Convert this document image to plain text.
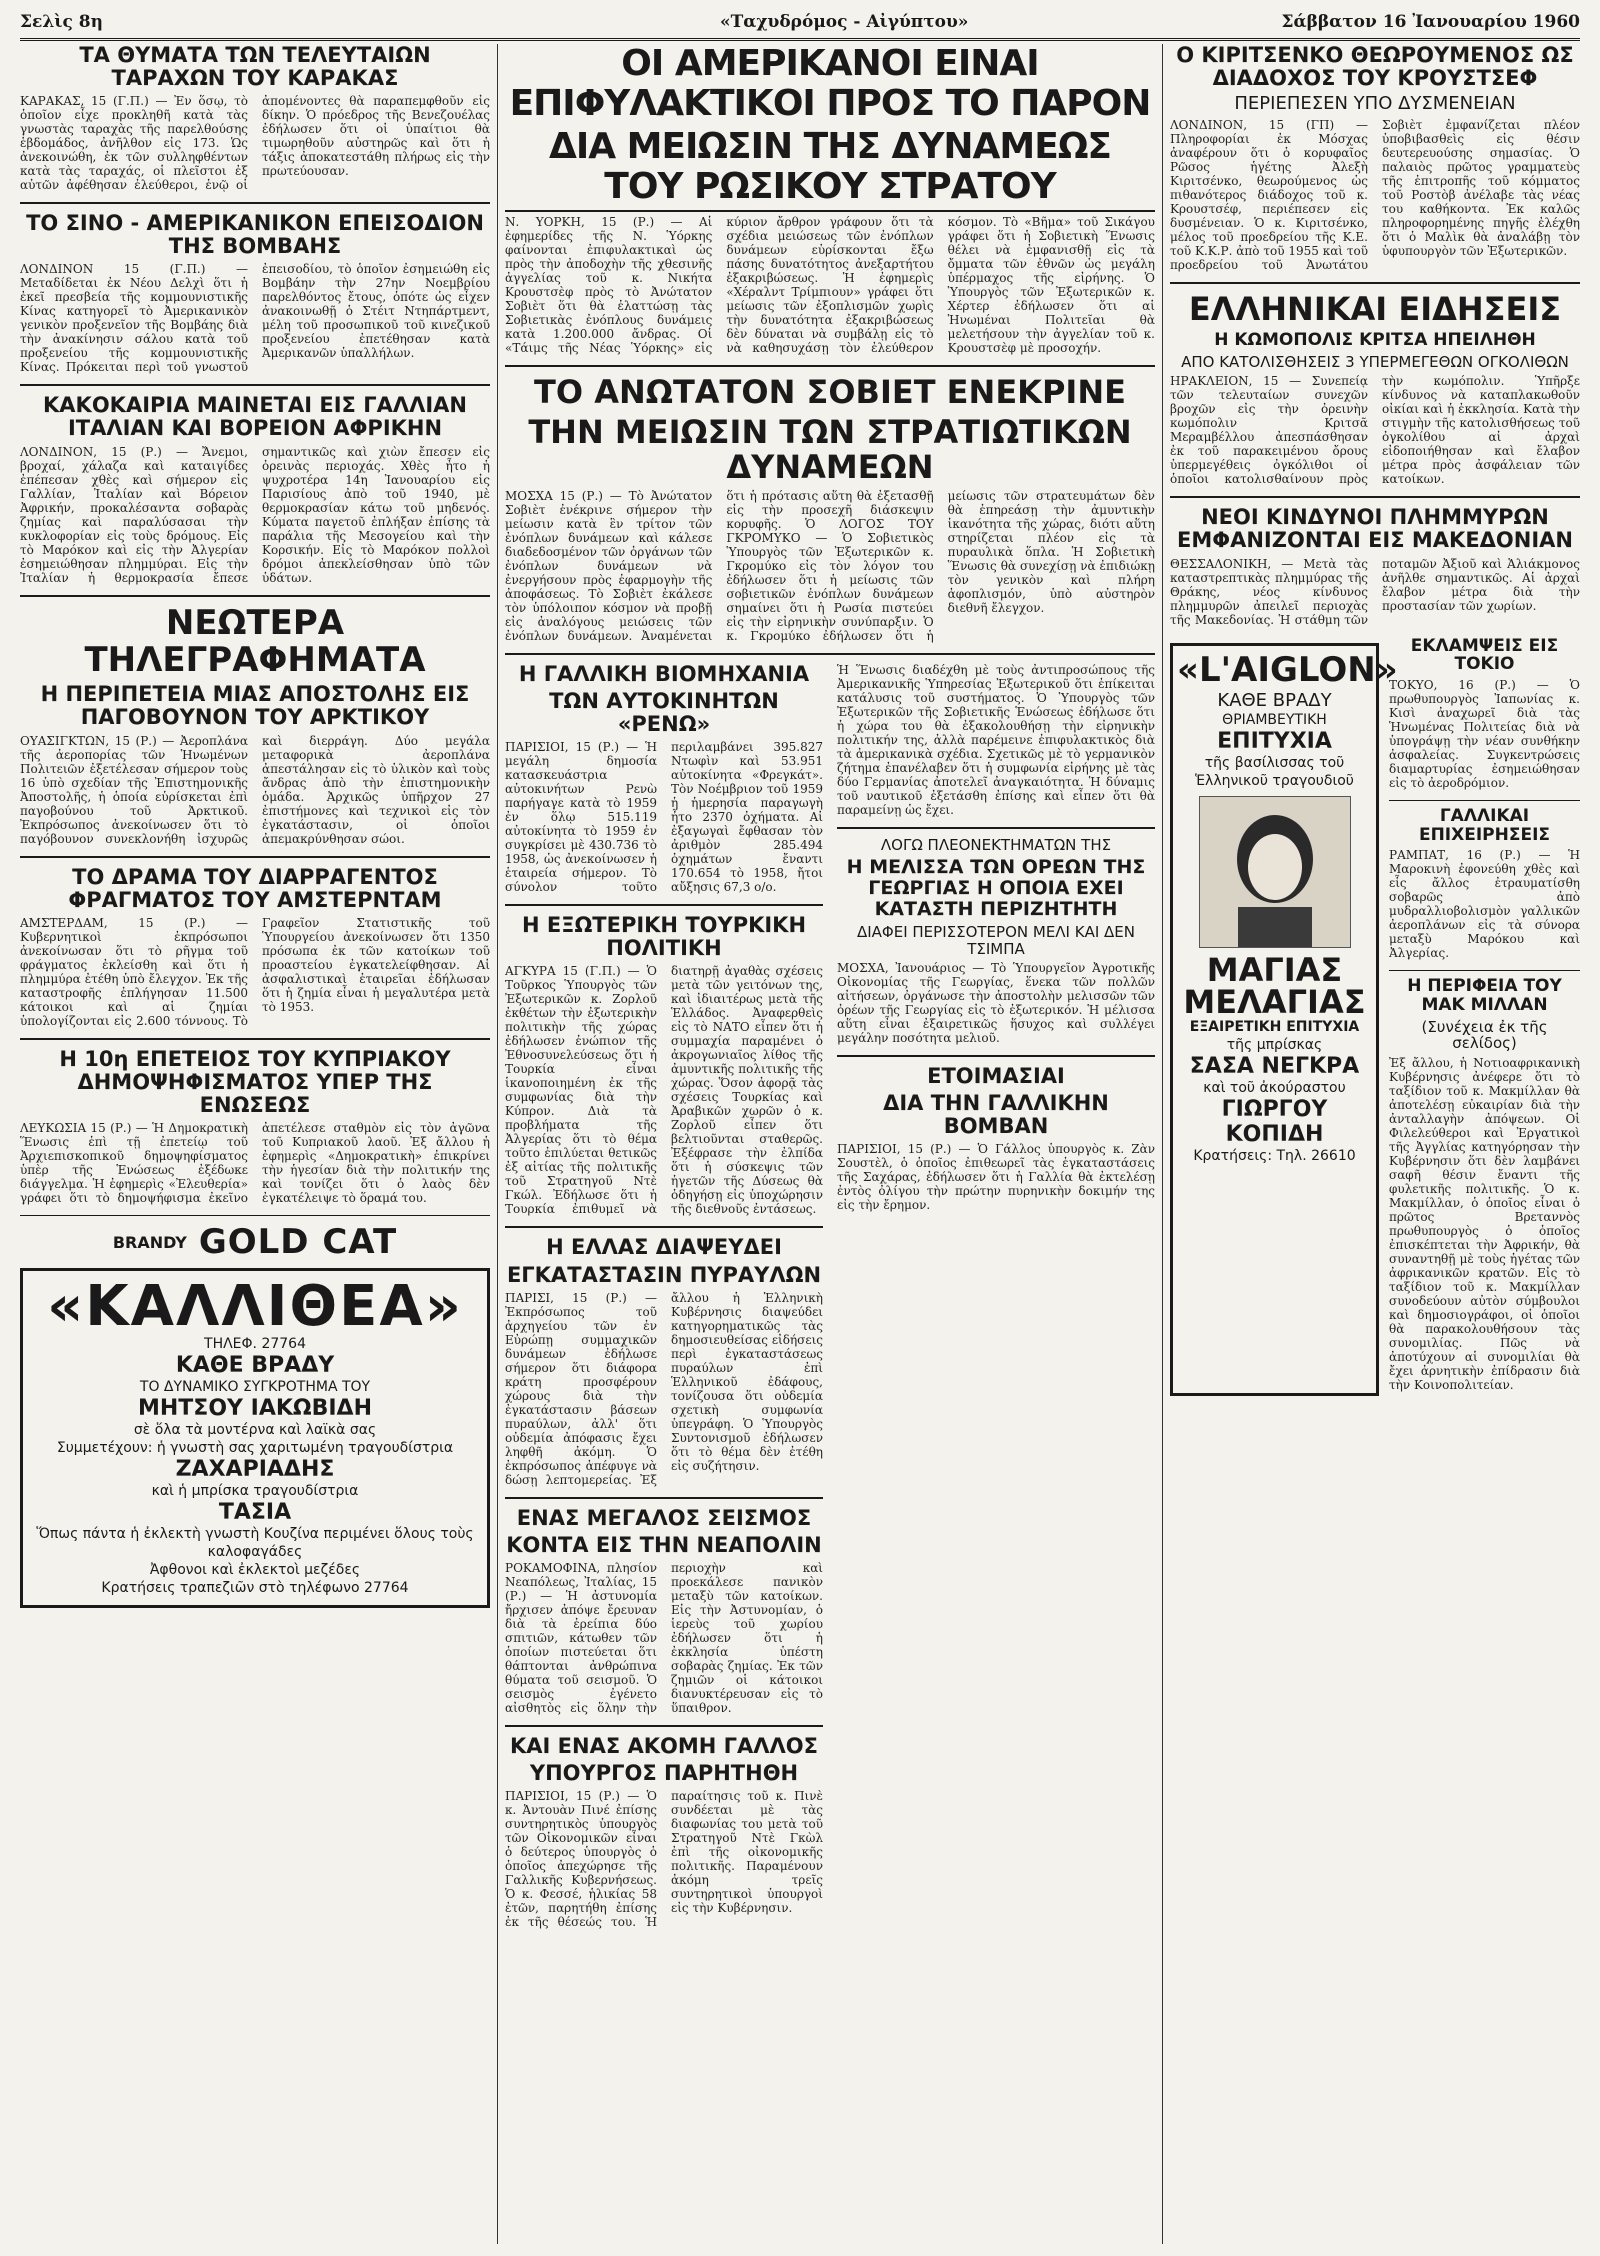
Σελὶς 8η	«Ταχυδρόμος - Αἰγύπτου»	Σάββατον 16 Ἰανουαρίου 1960
ΤΑ ΘΥΜΑΤΑ ΤΩΝ ΤΕΛΕΥΤΑΙΩΝ ΤΑΡΑΧΩΝ ΤΟΥ ΚΑΡΑΚΑΣ
ΚΑΡΑΚΑΣ, 15 (Γ.Π.) — Ἐν ὅσῳ, τὸ ὁποῖον εἶχε προκληθῆ κατὰ τὰς γνωστὰς ταραχὰς τῆς παρελθούσης ἑβδομάδος, ἀνῆλθον εἰς 173. Ὡς ἀνεκοινώθη, ἐκ τῶν συλληφθέντων κατὰ τὰς ταραχάς, οἱ πλεῖστοι ἐξ αὐτῶν ἀφέθησαν ἐλεύθεροι, ἐνῷ οἱ ἀπομένοντες θὰ παραπεμφθοῦν εἰς δίκην. Ὁ πρόεδρος τῆς Βενεζουέλας ἐδήλωσεν ὅτι οἱ ὑπαίτιοι θὰ τιμωρηθοῦν αὐστηρῶς καὶ ὅτι ἡ τάξις ἀποκατεστάθη πλήρως εἰς τὴν πρωτεύουσαν.
ΤΟ ΣΙΝΟ - ΑΜΕΡΙΚΑΝΙΚΟΝ ΕΠΕΙΣΟΔΙΟΝ ΤΗΣ ΒΟΜΒΑΗΣ
ΛΟΝΔΙΝΟΝ 15 (Γ.Π.) — Μεταδίδεται ἐκ Νέου Δελχὶ ὅτι ἡ ἐκεῖ πρεσβεία τῆς κομμουνιστικῆς Κίνας κατηγορεῖ τὸ Ἀμερικανικὸν γενικὸν προξενεῖον τῆς Βομβάης διὰ τὴν ἀνακίνησιν σάλου κατὰ τοῦ προξενείου τῆς κομμουνιστικῆς Κίνας. Πρόκειται περὶ τοῦ γνωστοῦ ἐπεισοδίου, τὸ ὁποῖον ἐσημειώθη εἰς Βομβάην τὴν 27ην Νοεμβρίου παρελθόντος ἔτους, ὁπότε ὡς εἶχεν ἀνακοινωθῇ ὁ Στέιτ Ντηπάρτμεντ, μέλη τοῦ προσωπικοῦ τοῦ κινεζικοῦ προξενείου ἐπετέθησαν κατὰ Ἀμερικανῶν ὑπαλλήλων.
ΚΑΚΟΚΑΙΡΙΑ ΜΑΙΝΕΤΑΙ ΕΙΣ ΓΑΛΛΙΑΝ ΙΤΑΛΙΑΝ ΚΑΙ ΒΟΡΕΙΟΝ ΑΦΡΙΚΗΝ
ΛΟΝΔΙΝΟΝ, 15 (Ρ.) — Ἄνεμοι, βροχαί, χάλαζα καὶ καταιγίδες ἐπέπεσαν χθὲς καὶ σήμερον εἰς Γαλλίαν, Ἰταλίαν καὶ Βόρειον Ἀφρικήν, προκαλέσαντα σοβαρὰς ζημίας καὶ παραλύσασαι τὴν κυκλοφορίαν εἰς τοὺς δρόμους. Εἰς τὸ Μαρόκον καὶ εἰς τὴν Ἀλγερίαν ἐσημειώθησαν πλημμύραι. Εἰς τὴν Ἰταλίαν ἡ θερμοκρασία ἔπεσε σημαντικῶς καὶ χιὼν ἔπεσεν εἰς ὀρεινὰς περιοχάς. Χθὲς ἦτο ἡ ψυχροτέρα 14η Ἰανουαρίου εἰς Παρισίους ἀπὸ τοῦ 1940, μὲ θερμοκρασίαν κάτω τοῦ μηδενός. Κύματα παγετοῦ ἐπλήξαν ἐπίσης τὰ παράλια τῆς Μεσογείου καὶ τὴν Κορσικήν. Εἰς τὸ Μαρόκον πολλοὶ δρόμοι ἀπεκλείσθησαν ὑπὸ τῶν ὑδάτων.
ΝΕΩΤΕΡΑ ΤΗΛΕΓΡΑΦΗΜΑΤΑ
Η ΠΕΡΙΠΕΤΕΙΑ ΜΙΑΣ ΑΠΟΣΤΟΛΗΣ ΕΙΣ ΠΑΓΟΒΟΥΝΟΝ ΤΟΥ ΑΡΚΤΙΚΟΥ
ΟΥΑΣΙΓΚΤΩΝ, 15 (Ρ.) — Ἀεροπλάνα τῆς ἀεροπορίας τῶν Ἡνωμένων Πολιτειῶν ἐξετέλεσαν σήμερον τοὺς 16 ὑπὸ σχεδίαν τῆς Ἐπιστημονικῆς Ἀποστολῆς, ἡ ὁποία εὑρίσκεται ἐπὶ παγοβούνου τοῦ Ἀρκτικοῦ. Ἐκπρόσωπος ἀνεκοίνωσεν ὅτι τὸ παγόβουνον συνεκλονήθη ἰσχυρῶς καὶ διερράγη. Δύο μεγάλα μεταφορικὰ ἀεροπλάνα ἀπεστάλησαν εἰς τὸ ὑλικὸν καὶ τοὺς ἄνδρας ἀπὸ τὴν ἐπιστημονικὴν ὁμάδα. Ἀρχικῶς ὑπῆρχον 27 ἐπιστήμονες καὶ τεχνικοὶ εἰς τὸν ἐγκατάστασιν, οἱ ὁποῖοι ἀπεμακρύνθησαν σώοι.
ΤΟ ΔΡΑΜΑ ΤΟΥ ΔΙΑΡΡΑΓΕΝΤΟΣ ΦΡΑΓΜΑΤΟΣ ΤΟΥ ΑΜΣΤΕΡΝΤΑΜ
ΑΜΣΤΕΡΔΑΜ, 15 (Ρ.) — Κυβερνητικοὶ ἐκπρόσωποι ἀνεκοίνωσαν ὅτι τὸ ρῆγμα τοῦ φράγματος ἐκλείσθη καὶ ὅτι ἡ πλημμύρα ἐτέθη ὑπὸ ἔλεγχον. Ἐκ τῆς καταστροφῆς ἐπλήγησαν 11.500 κάτοικοι καὶ αἱ ζημίαι ὑπολογίζονται εἰς 2.600 τόννους. Τὸ Γραφεῖον Στατιστικῆς τοῦ Ὑπουργείου ἀνεκοίνωσεν ὅτι 1350 πρόσωπα ἐκ τῶν κατοίκων τοῦ προαστείου ἐγκατελείφθησαν. Αἱ ἀσφαλιστικαὶ ἑταιρεῖαι ἐδήλωσαν ὅτι ἡ ζημία εἶναι ἡ μεγαλυτέρα μετὰ τὸ 1953.
Η 10η ΕΠΕΤΕΙΟΣ ΤΟΥ ΚΥΠΡΙΑΚΟΥ ΔΗΜΟΨΗΦΙΣΜΑΤΟΣ ΥΠΕΡ ΤΗΣ ΕΝΩΣΕΩΣ
ΛΕΥΚΩΣΙΑ 15 (Ρ.) — Ἡ Δημοκρατικὴ Ἕνωσις ἐπὶ τῇ ἐπετείῳ τοῦ Ἀρχιεπισκοπικοῦ δημοψηφίσματος ὑπὲρ τῆς Ἑνώσεως ἐξέδωκε διάγγελμα. Ἡ ἐφημερὶς «Ἐλευθερία» γράφει ὅτι τὸ δημοψήφισμα ἐκεῖνο ἀπετέλεσε σταθμὸν εἰς τὸν ἀγῶνα τοῦ Κυπριακοῦ λαοῦ. Ἐξ ἄλλου ἡ ἐφημερὶς «Δημοκρατικὴ» ἐπικρίνει τὴν ἡγεσίαν διὰ τὴν πολιτικήν της καὶ τονίζει ὅτι ὁ λαὸς δὲν ἐγκατέλειψε τὸ ὅραμά του.
BRANDY GOLD CAT
«ΚΑΛΛΙΘΕΑ»
ΤΗΛΕΦ. 27764
ΚΑΘΕ ΒΡΑΔΥ
ΤΟ ΔΥΝΑΜΙΚΟ ΣΥΓΚΡΟΤΗΜΑ ΤΟΥ
ΜΗΤΣΟΥ ΙΑΚΩΒΙΔΗ
σὲ ὅλα τὰ μοντέρνα καὶ λαϊκὰ σας
Συμμετέχουν: ἡ γνωστὴ σας χαριτωμένη τραγουδίστρια
ΖΑΧΑΡΙΑΔΗΣ
καὶ ἡ μπρίσκα τραγουδίστρια
ΤΑΣΙΑ
Ὅπως πάντα ἡ ἐκλεκτὴ γνωστὴ Κουζίνα περιμένει ὅλους τοὺς καλοφαγάδες
Ἀφθονοι καὶ ἐκλεκτοὶ μεζέδες
Κρατήσεις τραπεζιῶν στὸ τηλέφωνο 27764
ΟΙ ΑΜΕΡΙΚΑΝΟΙ ΕΙΝΑΙ ΕΠΙΦΥΛΑΚΤΙΚΟΙ ΠΡΟΣ ΤΟ ΠΑΡΟΝ
ΔΙΑ ΜΕΙΩΣΙΝ ΤΗΣ ΔΥΝΑΜΕΩΣ ΤΟΥ ΡΩΣΙΚΟΥ ΣΤΡΑΤΟΥ
Ν. ΥΟΡΚΗ, 15 (Ρ.) — Αἱ ἐφημερίδες τῆς Ν. Ὑόρκης φαίνονται ἐπιφυλακτικαὶ ὡς πρὸς τὴν ἀποδοχὴν τῆς χθεσινῆς ἀγγελίας τοῦ κ. Νικήτα Κρουστσὲφ πρὸς τὸ Ἀνώτατον Σοβιὲτ ὅτι θὰ ἐλαττώσῃ τὰς Σοβιετικὰς ἐνόπλους δυνάμεις κατὰ 1.200.000 ἄνδρας. Οἱ «Τάιμς τῆς Νέας Ὑόρκης» εἰς κύριον ἄρθρον γράφουν ὅτι τὰ σχέδια μειώσεως τῶν ἐνόπλων δυνάμεων εὑρίσκονται ἔξω πάσης δυνατότητος ἀνεξαρτήτου ἐξακριβώσεως. Ἡ ἐφημερὶς «Χέραλντ Τρίμπιουν» γράφει ὅτι μείωσις τῶν ἐξοπλισμῶν χωρὶς τὴν δυνατότητα ἐξακριβώσεως δὲν δύναται νὰ συμβάλῃ εἰς τὸ νὰ καθησυχάσῃ τὸν ἐλεύθερον κόσμον. Τὸ «Βῆμα» τοῦ Σικάγου γράφει ὅτι ἡ Σοβιετικὴ Ἕνωσις θέλει νὰ ἐμφανισθῇ εἰς τὰ ὄμματα τῶν ἐθνῶν ὡς μεγάλη ὑπέρμαχος τῆς εἰρήνης. Ὁ Ὑπουργὸς τῶν Ἐξωτερικῶν κ. Χέρτερ ἐδήλωσεν ὅτι αἱ Ἡνωμέναι Πολιτεῖαι θὰ μελετήσουν τὴν ἀγγελίαν τοῦ κ. Κρουστσὲφ μὲ προσοχήν.
ΤΟ ΑΝΩΤΑΤΟΝ ΣΟΒΙΕΤ ΕΝΕΚΡΙΝΕ
ΤΗΝ ΜΕΙΩΣΙΝ ΤΩΝ ΣΤΡΑΤΙΩΤΙΚΩΝ ΔΥΝΑΜΕΩΝ
ΜΟΣΧΑ 15 (Ρ.) — Τὸ Ἀνώτατον Σοβιὲτ ἐνέκρινε σήμερον τὴν μείωσιν κατὰ ἓν τρίτον τῶν ἐνόπλων δυνάμεων καὶ κάλεσε διαδεδοσμένον τῶν ὀργάνων τῶν ἐνόπλων δυνάμεων νὰ ἐνεργήσουν πρὸς ἐφαρμογὴν τῆς ἀποφάσεως. Τὸ Σοβιὲτ ἐκάλεσε τὸν ὑπόλοιπον κόσμον νὰ προβῇ εἰς ἀναλόγους μειώσεις τῶν ἐνόπλων δυνάμεων. Ἀναμένεται ὅτι ἡ πρότασις αὕτη θὰ ἐξετασθῇ εἰς τὴν προσεχῆ διάσκεψιν κορυφῆς. Ὁ ΛΟΓΟΣ ΤΟΥ ΓΚΡΟΜΥΚΟ — Ὁ Σοβιετικὸς Ὑπουργὸς τῶν Ἐξωτερικῶν κ. Γκρομύκο εἰς τὸν λόγον του ἐδήλωσεν ὅτι ἡ μείωσις τῶν σοβιετικῶν ἐνόπλων δυνάμεων σημαίνει ὅτι ἡ Ρωσία πιστεύει εἰς τὴν εἰρηνικὴν συνύπαρξιν. Ὁ κ. Γκρομύκο ἐδήλωσεν ὅτι ἡ μείωσις τῶν στρατευμάτων δὲν θὰ ἐπηρεάσῃ τὴν ἀμυντικὴν ἱκανότητα τῆς χώρας, διότι αὕτη στηρίζεται πλέον εἰς τὰ πυραυλικὰ ὅπλα. Ἡ Σοβιετικὴ Ἕνωσις θὰ συνεχίσῃ νὰ ἐπιδιώκῃ τὸν γενικὸν καὶ πλήρη ἀφοπλισμόν, ὑπὸ αὐστηρὸν διεθνῆ ἔλεγχον.
Η ΓΑΛΛΙΚΗ ΒΙΟΜΗΧΑΝΙΑ
ΤΩΝ ΑΥΤΟΚΙΝΗΤΩΝ «ΡΕΝΩ»
ΠΑΡΙΣΙΟΙ, 15 (Ρ.) — Ἡ μεγάλη δημοσία κατασκευάστρια αὐτοκινήτων Ρενὼ παρήγαγε κατὰ τὸ 1959 ἐν ὅλῳ 515.119 αὐτοκίνητα τὸ 1959 ἐν συγκρίσει μὲ 430.736 τὸ 1958, ὡς ἀνεκοίνωσεν ἡ ἑταιρεία σήμερον. Τὸ σύνολον τοῦτο περιλαμβάνει 395.827 Ντωφὶν καὶ 53.951 αὐτοκίνητα «Φρεγκάτ». Τὸν Νοέμβριον τοῦ 1959 ἡ ἡμερησία παραγωγὴ ἦτο 2370 ὀχήματα. Αἱ ἐξαγωγαὶ ἔφθασαν τὸν ἀριθμὸν 285.494 ὀχημάτων ἔναντι 170.654 τὸ 1958, ἤτοι αὔξησις 67,3 ο/ο.
Η ΕΞΩΤΕΡΙΚΗ ΤΟΥΡΚΙΚΗ ΠΟΛΙΤΙΚΗ
ΑΓΚΥΡΑ 15 (Γ.Π.) — Ὁ Τοῦρκος Ὑπουργὸς τῶν Ἐξωτερικῶν κ. Ζορλοῦ ἐκθέτων τὴν ἐξωτερικὴν πολιτικὴν τῆς χώρας ἐδήλωσεν ἐνώπιον τῆς Ἐθνοσυνελεύσεως ὅτι ἡ Τουρκία εἶναι ἱκανοποιημένη ἐκ τῆς συμφωνίας διὰ τὴν Κύπρον. Διὰ τὰ προβλήματα τῆς Ἀλγερίας ὅτι τὸ θέμα τοῦτο ἐπιλύεται θετικῶς ἐξ αἰτίας τῆς πολιτικῆς τοῦ Στρατηγοῦ Ντὲ Γκώλ. Ἐδήλωσε ὅτι ἡ Τουρκία ἐπιθυμεῖ νὰ διατηρῇ ἀγαθὰς σχέσεις μετὰ τῶν γειτόνων της, καὶ ἰδιαιτέρως μετὰ τῆς Ἑλλάδος. Ἀναφερθεὶς εἰς τὸ ΝΑΤΟ εἶπεν ὅτι ἡ συμμαχία παραμένει ὁ ἀκρογωνιαῖος λίθος τῆς ἀμυντικῆς πολιτικῆς τῆς χώρας. Ὅσον ἀφορᾷ τὰς σχέσεις Τουρκίας καὶ Ἀραβικῶν χωρῶν ὁ κ. Ζορλοῦ εἶπεν ὅτι βελτιοῦνται σταθερῶς. Ἐξέφρασε τὴν ἐλπίδα ὅτι ἡ σύσκεψις τῶν ἡγετῶν τῆς Δύσεως θὰ ὁδηγήσῃ εἰς ὑποχώρησιν τῆς διεθνοῦς ἐντάσεως.
Η ΕΛΛΑΣ ΔΙΑΨΕΥΔΕΙ
ΕΓΚΑΤΑΣΤΑΣΙΝ ΠΥΡΑΥΛΩΝ
ΠΑΡΙΣΙ, 15 (Ρ.) — Ἐκπρόσωπος τοῦ ἀρχηγείου τῶν ἐν Εὐρώπῃ συμμαχικῶν δυνάμεων ἐδήλωσε σήμερον ὅτι διάφορα κράτη προσφέρουν χώρους διὰ τὴν ἐγκατάστασιν βάσεων πυραύλων, ἀλλ' ὅτι οὐδεμία ἀπόφασις ἔχει ληφθῆ ἀκόμη. Ὁ ἐκπρόσωπος ἀπέφυγε νὰ δώσῃ λεπτομερείας. Ἐξ ἄλλου ἡ Ἑλληνικὴ Κυβέρνησις διαψεύδει κατηγορηματικῶς τὰς δημοσιευθείσας εἰδήσεις περὶ ἐγκαταστάσεως πυραύλων ἐπὶ Ἑλληνικοῦ ἐδάφους, τονίζουσα ὅτι οὐδεμία σχετικὴ συμφωνία ὑπεγράφη. Ὁ Ὑπουργὸς Συντονισμοῦ ἐδήλωσεν ὅτι τὸ θέμα δὲν ἐτέθη εἰς συζήτησιν.
ΕΝΑΣ ΜΕΓΑΛΟΣ ΣΕΙΣΜΟΣ
ΚΟΝΤΑ ΕΙΣ ΤΗΝ ΝΕΑΠΟΛΙΝ
ΡΟΚΑΜΟΦΙΝΑ, πλησίον Νεαπόλεως, Ἰταλίας, 15 (Ρ.) — Ἡ ἀστυνομία ἤρχισεν ἀπόψε ἔρευναν διὰ τὰ ἐρείπια δύο σπιτιῶν, κάτωθεν τῶν ὁποίων πιστεύεται ὅτι θάπτονται ἀνθρώπινα θύματα τοῦ σεισμοῦ. Ὁ σεισμὸς ἐγένετο αἰσθητὸς εἰς ὅλην τὴν περιοχὴν καὶ προεκάλεσε πανικὸν μεταξὺ τῶν κατοίκων. Εἰς τὴν Ἀστυνομίαν, ὁ ἱερεὺς τοῦ χωρίου ἐδήλωσεν ὅτι ἡ ἐκκλησία ὑπέστη σοβαρὰς ζημίας. Ἐκ τῶν ζημιῶν οἱ κάτοικοι διανυκτέρευσαν εἰς τὸ ὕπαιθρον.
ΚΑΙ ΕΝΑΣ ΑΚΟΜΗ ΓΑΛΛΟΣ
ΥΠΟΥΡΓΟΣ ΠΑΡΗΤΗΘΗ
ΠΑΡΙΣΙΟΙ, 15 (Ρ.) — Ὁ κ. Ἀντουὰν Πινέ ἐπίσης συντηρητικὸς ὑπουργὸς τῶν Οἰκονομικῶν εἶναι ὁ δεύτερος ὑπουργὸς ὁ ὁποῖος ἀπεχώρησε τῆς Γαλλικῆς Κυβερνήσεως. Ὁ κ. Φεσσέ, ἡλικίας 58 ἐτῶν, παρητήθη ἐπίσης ἐκ τῆς θέσεώς του. Ἡ παραίτησις τοῦ κ. Πινὲ συνδέεται μὲ τὰς διαφωνίας του μετὰ τοῦ Στρατηγοῦ Ντὲ Γκὼλ ἐπὶ τῆς οἰκονομικῆς πολιτικῆς. Παραμένουν ἀκόμη τρεῖς συντηρητικοὶ ὑπουργοὶ εἰς τὴν Κυβέρνησιν.
Ἡ Ἕνωσις διαδέχθη μὲ τοὺς ἀντιπροσώπους τῆς Ἀμερικανικῆς Ὑπηρεσίας Ἐξωτερικοῦ ὅτι ἐπίκειται κατάλυσις τοῦ συστήματος. Ὁ Ὑπουργὸς τῶν Ἐξωτερικῶν τῆς Σοβιετικῆς Ἑνώσεως ἐδήλωσε ὅτι ἡ χώρα του θὰ ἐξακολουθήσῃ τὴν εἰρηνικὴν πολιτικήν της, ἀλλὰ παρέμεινε ἐπιφυλακτικὸς διὰ τὰ ἀμερικανικὰ σχέδια. Σχετικῶς μὲ τὸ γερμανικὸν ζήτημα ἐπανέλαβεν ὅτι ἡ συμφωνία εἰρήνης μὲ τὰς δύο Γερμανίας ἀποτελεῖ ἀναγκαιότητα. Ἡ δύναμις τοῦ ναυτικοῦ ἐξετάσθη ἐπίσης καὶ εἶπεν ὅτι θὰ παραμείνῃ ὡς ἔχει.
ΛΟΓΩ ΠΛΕΟΝΕΚΤΗΜΑΤΩΝ ΤΗΣ
Η ΜΕΛΙΣΣΑ ΤΩΝ ΟΡΕΩΝ ΤΗΣ ΓΕΩΡΓΙΑΣ Η ΟΠΟΙΑ ΕΧΕΙ ΚΑΤΑΣΤΗ ΠΕΡΙΖΗΤΗΤΗ
ΔΙΑΦΕΙ ΠΕΡΙΣΣΟΤΕΡΟΝ ΜΕΛΙ ΚΑΙ ΔΕΝ ΤΣΙΜΠΑ
ΜΟΣΧΑ, Ἰανουάριος — Τὸ Ὑπουργεῖον Ἀγροτικῆς Οἰκονομίας τῆς Γεωργίας, ἕνεκα τῶν πολλῶν αἰτήσεων, ὀργάνωσε τὴν ἀποστολὴν μελισσῶν τῶν ὀρέων τῆς Γεωργίας εἰς τὸ ἐξωτερικόν. Ἡ μέλισσα αὕτη εἶναι ἐξαιρετικῶς ἥσυχος καὶ συλλέγει μεγάλην ποσότητα μελιοῦ.
ΕΤΟΙΜΑΣΙΑΙ
ΔΙΑ ΤΗΝ ΓΑΛΛΙΚΗΝ ΒΟΜΒΑΝ
ΠΑΡΙΣΙΟΙ, 15 (Ρ.) — Ὁ Γάλλος ὑπουργὸς κ. Ζὰν Σουστὲλ, ὁ ὁποῖος ἐπιθεωρεῖ τὰς ἐγκαταστάσεις τῆς Σαχάρας, ἐδήλωσεν ὅτι ἡ Γαλλία θὰ ἐκτελέσῃ ἐντὸς ὀλίγου τὴν πρώτην πυρηνικὴν δοκιμήν της εἰς τὴν ἔρημον.
Ο ΚΙΡΙΤΣΕΝΚΟ ΘΕΩΡΟΥΜΕΝΟΣ ΩΣ ΔΙΑΔΟΧΟΣ ΤΟΥ ΚΡΟΥΣΤΣΕΦ
ΠΕΡΙΕΠΕΣΕΝ ΥΠΟ ΔΥΣΜΕΝΕΙΑΝ
ΛΟΝΔΙΝΟΝ, 15 (ΓΠ) — Πληροφορίαι ἐκ Μόσχας ἀναφέρουν ὅτι ὁ κορυφαῖος Ρῶσος ἡγέτης Ἀλεξὴ Κιριτσένκο, θεωρούμενος ὡς πιθανότερος διάδοχος τοῦ κ. Κρουστσέφ, περιέπεσεν εἰς δυσμένειαν. Ὁ κ. Κιριτσένκο, μέλος τοῦ προεδρείου τῆς Κ.Ε. τοῦ Κ.Κ.Ρ. ἀπὸ τοῦ 1955 καὶ τοῦ προεδρείου τοῦ Ἀνωτάτου Σοβιὲτ ἐμφανίζεται πλέον ὑποβιβασθεὶς εἰς θέσιν δευτερευούσης σημασίας. Ὁ παλαιὸς πρῶτος γραμματεὺς τῆς ἐπιτροπῆς τοῦ κόμματος τοῦ Ροστὸβ ἀνέλαβε τὰς νέας του καθήκοντα. Ἐκ καλῶς πληροφορημένης πηγῆς ἐλέχθη ὅτι ὁ Μαλὶκ θὰ ἀναλάβῃ τὸν ὑφυπουργὸν τῶν Ἐξωτερικῶν.
ΕΛΛΗΝΙΚΑΙ ΕΙΔΗΣΕΙΣ
Η ΚΩΜΟΠΟΛΙΣ ΚΡΙΤΣΑ ΗΠΕΙΛΗΘΗ
ΑΠΟ ΚΑΤΟΛΙΣΘΗΣΕΙΣ 3 ΥΠΕΡΜΕΓΕΘΩΝ ΟΓΚΟΛΙΘΩΝ
ΗΡΑΚΛΕΙΟΝ, 15 — Συνεπείᾳ τῶν τελευταίων συνεχῶν βροχῶν εἰς τὴν ὀρεινὴν κωμόπολιν Κριτσᾶ Μεραμβέλλου ἀπεσπάσθησαν ἐκ τοῦ παρακειμένου ὄρους ὑπερμεγέθεις ὀγκόλιθοι οἱ ὁποῖοι κατολισθαίνουν πρὸς τὴν κωμόπολιν. Ὑπῆρξε κίνδυνος νὰ καταπλακωθοῦν οἰκίαι καὶ ἡ ἐκκλησία. Κατὰ τὴν στιγμὴν τῆς κατολισθήσεως τοῦ ὀγκολίθου αἱ ἀρχαὶ εἰδοποιήθησαν καὶ ἔλαβον μέτρα πρὸς ἀσφάλειαν τῶν κατοίκων.
ΝΕΟΙ ΚΙΝΔΥΝΟΙ ΠΛΗΜΜΥΡΩΝ ΕΜΦΑΝΙΖΟΝΤΑΙ ΕΙΣ ΜΑΚΕΔΟΝΙΑΝ
ΘΕΣΣΑΛΟΝΙΚΗ, — Μετὰ τὰς καταστρεπτικὰς πλημμύρας τῆς Θράκης, νέος κίνδυνος πλημμυρῶν ἀπειλεῖ περιοχὰς τῆς Μακεδονίας. Ἡ στάθμη τῶν ποταμῶν Ἀξιοῦ καὶ Ἁλιάκμονος ἀνῆλθε σημαντικῶς. Αἱ ἀρχαὶ ἔλαβον μέτρα διὰ τὴν προστασίαν τῶν χωρίων.
«L'AIGLON»
ΚΑΘΕ ΒΡΑΔΥ
ΘΡΙΑΜΒΕΥΤΙΚΗ
ΕΠΙΤΥΧΙΑ
τῆς βασίλισσας τοῦ
Ἑλληνικοῦ τραγουδιοῦ
ΜΑΓΙΑΣ
ΜΕΛΑΓΙΑΣ
ΕΞΑΙΡΕΤΙΚΗ ΕΠΙΤΥΧΙΑ
τῆς μπρίσκας
ΣΑΣΑ ΝΕΓΚΡΑ
καὶ τοῦ ἀκούραστου
ΓΙΩΡΓΟΥ ΚΟΠΙΔΗ
Κρατήσεις: Τηλ. 26610
ΕΚΛΑΜΨΕΙΣ ΕΙΣ ΤΟΚΙΟ
ΤΟΚΥΟ, 16 (Ρ.) — Ὁ πρωθυπουργὸς Ἰαπωνίας κ. Κισὶ ἀναχωρεῖ διὰ τὰς Ἡνωμένας Πολιτείας διὰ νὰ ὑπογράψῃ τὴν νέαν συνθήκην ἀσφαλείας. Συγκεντρώσεις διαμαρτυρίας ἐσημειώθησαν εἰς τὸ ἀεροδρόμιον.
ΓΑΛΛΙΚΑΙ ΕΠΙΧΕΙΡΗΣΕΙΣ
ΡΑΜΠΑΤ, 16 (Ρ.) — Ἡ Μαροκινὴ ἐφονεύθη χθὲς καὶ εἷς ἄλλος ἐτραυματίσθη σοβαρῶς ἀπὸ μυδραλλιοβολισμὸν γαλλικῶν ἀεροπλάνων εἰς τὰ σύνορα μεταξὺ Μαρόκου καὶ Ἀλγερίας.
Η ΠΕΡΙΦΕΙΑ ΤΟΥ ΜΑΚ ΜΙΛΛΑΝ
(Συνέχεια ἐκ τῆς σελίδος)
Ἐξ ἄλλου, ἡ Νοτιοαφρικανικὴ Κυβέρνησις ἀνέφερε ὅτι τὸ ταξίδιον τοῦ κ. Μακμίλλαν θὰ ἀποτελέσῃ εὐκαιρίαν διὰ τὴν ἀνταλλαγὴν ἀπόψεων. Οἱ Φιλελεύθεροι καὶ Ἐργατικοὶ τῆς Ἀγγλίας κατηγόρησαν τὴν Κυβέρνησιν ὅτι δὲν λαμβάνει σαφῆ θέσιν ἔναντι τῆς φυλετικῆς πολιτικῆς. Ὁ κ. Μακμίλλαν, ὁ ὁποῖος εἶναι ὁ πρῶτος Βρεταννὸς πρωθυπουργὸς ὁ ὁποῖος ἐπισκέπτεται τὴν Ἀφρικήν, θὰ συναντηθῇ μὲ τοὺς ἡγέτας τῶν ἀφρικανικῶν κρατῶν. Εἰς τὸ ταξίδιον τοῦ κ. Μακμίλλαν συνοδεύουν αὐτὸν σύμβουλοι καὶ δημοσιογράφοι, οἱ ὁποῖοι θὰ παρακολουθήσουν τὰς συνομιλίας. Πῶς νὰ ἀποτύχουν αἱ συνομιλίαι θὰ ἔχει ἀρνητικὴν ἐπίδρασιν διὰ τὴν Κοινοπολιτείαν.
